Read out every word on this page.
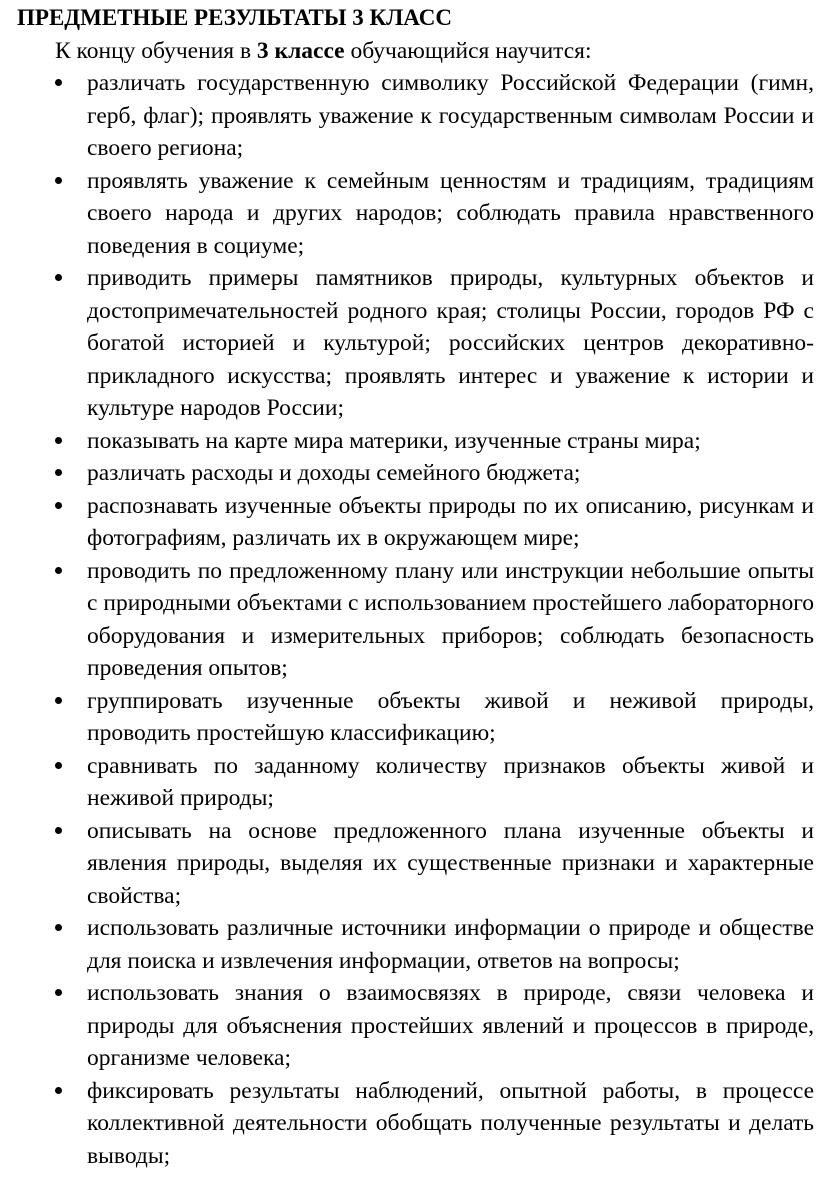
ПРЕДМЕТНЫЕ РЕЗУЛЬТАТЫ 3 КЛАСС
К концу обучения в 3 классе обучающийся научится:
различать государственную символику Российской Федерации (гимн, герб, флаг); проявлять уважение к государственным символам России и своего региона;
проявлять уважение к семейным ценностям и традициям, традициям своего народа и других народов; соблюдать правила нравственного поведения в социуме;
приводить примеры памятников природы, культурных объектов и достопримечательностей родного края; столицы России, городов РФ с богатой историей и культурой; российских центров декоративно-прикладного искусства; проявлять интерес и уважение к истории и культуре народов России;
показывать на карте мира материки, изученные страны мира;
различать расходы и доходы семейного бюджета;
распознавать изученные объекты природы по их описанию, рисункам и фотографиям, различать их в окружающем мире;
проводить по предложенному плану или инструкции небольшие опыты с природными объектами с использованием простейшего лабораторного оборудования и измерительных приборов; соблюдать безопасность проведения опытов;
группировать изученные объекты живой и неживой природы, проводить простейшую классификацию;
сравнивать по заданному количеству признаков объекты живой и неживой природы;
описывать на основе предложенного плана изученные объекты и явления природы, выделяя их существенные признаки и характерные свойства;
использовать различные источники информации о природе и обществе для поиска и извлечения информации, ответов на вопросы;
использовать знания о взаимосвязях в природе, связи человека и природы для объяснения простейших явлений и процессов в природе, организме человека;
фиксировать результаты наблюдений, опытной работы, в процессе коллективной деятельности обобщать полученные результаты и делать выводы;
